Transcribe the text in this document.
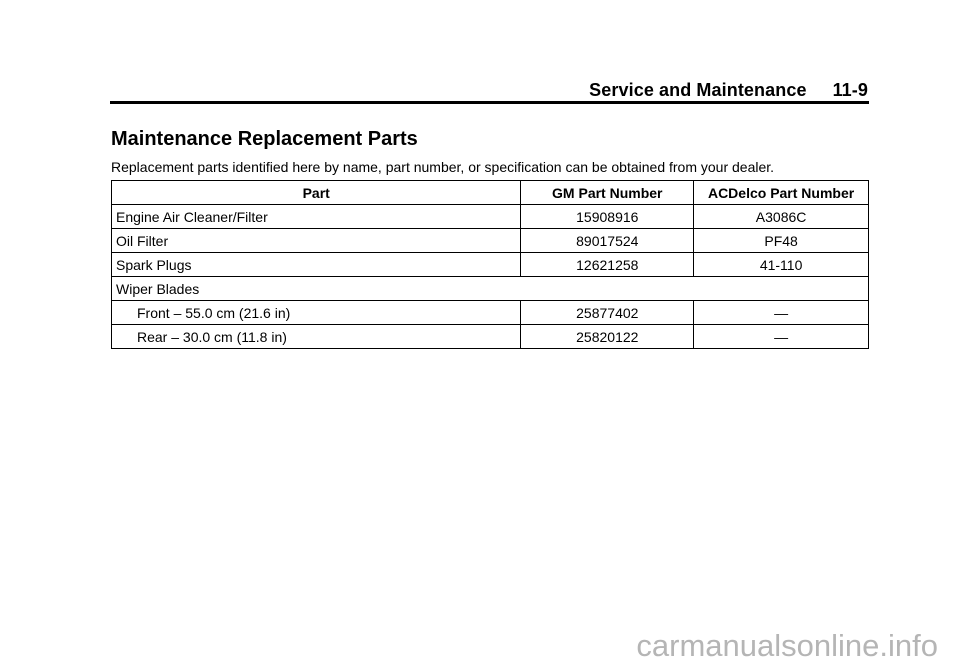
Service and Maintenance 11-9
Maintenance Replacement Parts

Replacement parts identified here by name, part number, or specification can be obtained from your dealer.

Part	GM Part Number	ACDelco Part Number
Engine Air Cleaner/Filter	15908916	A3086C
Oil Filter	89017524	PF48
Spark Plugs	12621258	41-110
Wiper Blades		
Front – 55.0 cm (21.6 in)	25877402	—
Rear – 30.0 cm (11.8 in)	25820122	—
carmanualsonline.info
